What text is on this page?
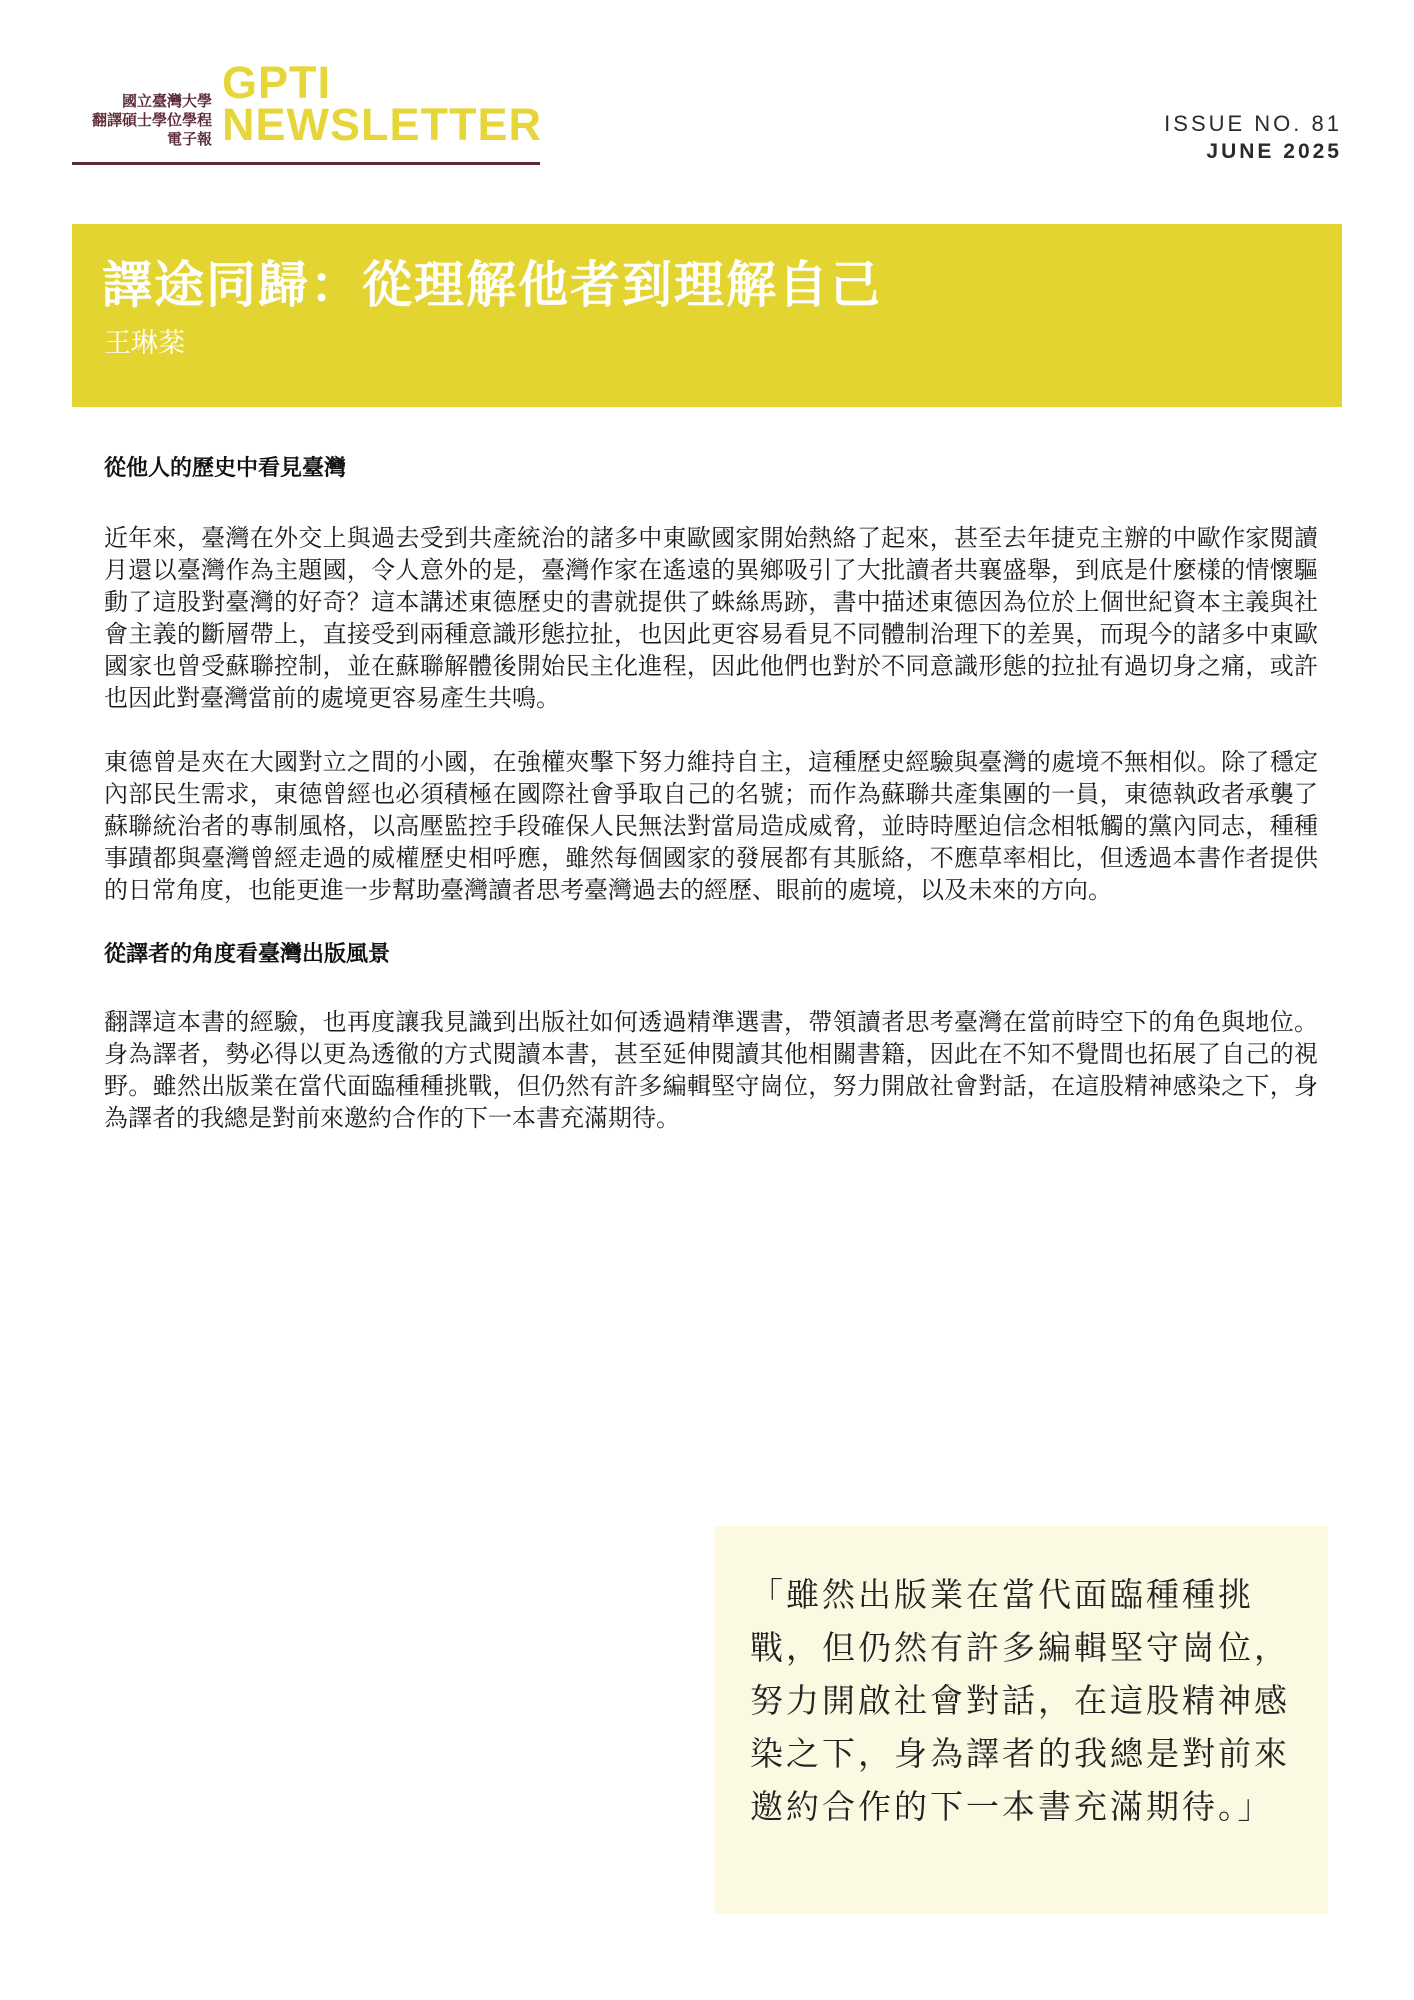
國立臺灣大學
翻譯碩士學位學程
電子報
GPTI
NEWSLETTER	ISSUE NO. 81
JUNE 2025
譯途同歸：從理解他者到理解自己
王琳棻
從他人的歷史中看見臺灣

近年來，臺灣在外交上與過去受到共產統治的諸多中東歐國家開始熱絡了起來，甚至去年捷克主辦的中歐作家閱讀月還以臺灣作為主題國，令人意外的是，臺灣作家在遙遠的異鄉吸引了大批讀者共襄盛舉，到底是什麼樣的情懷驅動了這股對臺灣的好奇？這本講述東德歷史的書就提供了蛛絲馬跡，書中描述東德因為位於上個世紀資本主義與社會主義的斷層帶上，直接受到兩種意識形態拉扯，也因此更容易看見不同體制治理下的差異，而現今的諸多中東歐國家也曾受蘇聯控制，並在蘇聯解體後開始民主化進程，因此他們也對於不同意識形態的拉扯有過切身之痛，或許也因此對臺灣當前的處境更容易產生共鳴。

東德曾是夾在大國對立之間的小國，在強權夾擊下努力維持自主，這種歷史經驗與臺灣的處境不無相似。除了穩定內部民生需求，東德曾經也必須積極在國際社會爭取自己的名號；而作為蘇聯共產集團的一員，東德執政者承襲了蘇聯統治者的專制風格，以高壓監控手段確保人民無法對當局造成威脅，並時時壓迫信念相牴觸的黨內同志，種種事蹟都與臺灣曾經走過的威權歷史相呼應，雖然每個國家的發展都有其脈絡，不應草率相比，但透過本書作者提供的日常角度，也能更進一步幫助臺灣讀者思考臺灣過去的經歷、眼前的處境，以及未來的方向。

從譯者的角度看臺灣出版風景

翻譯這本書的經驗，也再度讓我見識到出版社如何透過精準選書，帶領讀者思考臺灣在當前時空下的角色與地位。身為譯者，勢必得以更為透徹的方式閱讀本書，甚至延伸閱讀其他相關書籍，因此在不知不覺間也拓展了自己的視野。雖然出版業在當代面臨種種挑戰，但仍然有許多編輯堅守崗位，努力開啟社會對話，在這股精神感染之下，身為譯者的我總是對前來邀約合作的下一本書充滿期待。

「雖然出版業在當代面臨種種挑戰，但仍然有許多編輯堅守崗位，努力開啟社會對話，在這股精神感染之下，身為譯者的我總是對前來邀約合作的下一本書充滿期待。」
